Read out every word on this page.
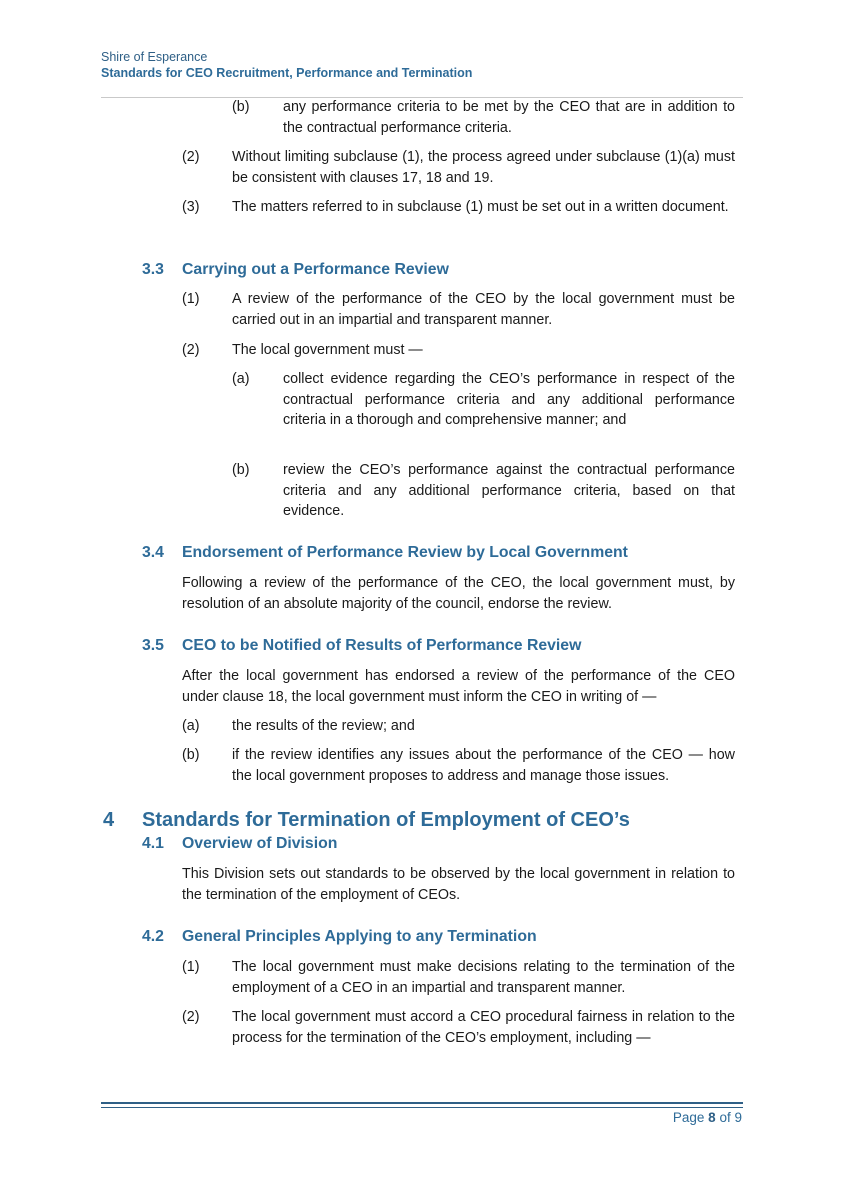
Shire of Esperance
Standards for CEO Recruitment, Performance and Termination
(b) any performance criteria to be met by the CEO that are in addition to the contractual performance criteria.
(2) Without limiting subclause (1), the process agreed under subclause (1)(a) must be consistent with clauses 17, 18 and 19.
(3) The matters referred to in subclause (1) must be set out in a written document.
3.3 Carrying out a Performance Review
(1) A review of the performance of the CEO by the local government must be carried out in an impartial and transparent manner.
(2) The local government must —
(a) collect evidence regarding the CEO’s performance in respect of the contractual performance criteria and any additional performance criteria in a thorough and comprehensive manner; and
(b) review the CEO’s performance against the contractual performance criteria and any additional performance criteria, based on that evidence.
3.4 Endorsement of Performance Review by Local Government
Following a review of the performance of the CEO, the local government must, by resolution of an absolute majority of the council, endorse the review.
3.5 CEO to be Notified of Results of Performance Review
After the local government has endorsed a review of the performance of the CEO under clause 18, the local government must inform the CEO in writing of —
(a) the results of the review; and
(b) if the review identifies any issues about the performance of the CEO — how the local government proposes to address and manage those issues.
4 Standards for Termination of Employment of CEO’s
4.1 Overview of Division
This Division sets out standards to be observed by the local government in relation to the termination of the employment of CEOs.
4.2 General Principles Applying to any Termination
(1) The local government must make decisions relating to the termination of the employment of a CEO in an impartial and transparent manner.
(2) The local government must accord a CEO procedural fairness in relation to the process for the termination of the CEO’s employment, including —
Page 8 of 9
